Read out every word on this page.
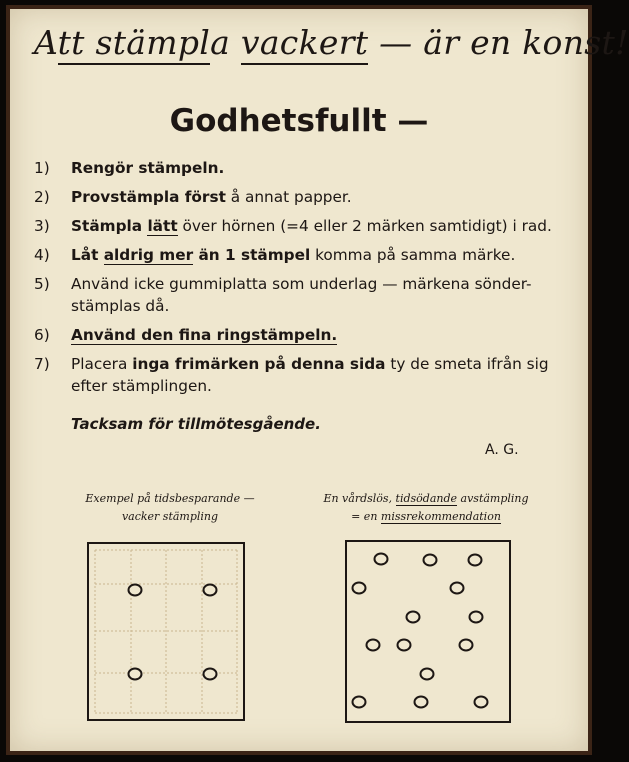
Att stämpla vackert — är en konst!
Godhetsfullt —
1) Rengör stämpeln.
2) Provstämpla först å annat papper.
3) Stämpla lätt över hörnen (=4 eller 2 märken samtidigt) i rad.
4) Låt aldrig mer än 1 stämpel komma på samma märke.
5) Använd icke gummiplatta som underlag — märkena sönder-stämplas då.
6) Använd den fina ringstämpeln.
7) Placera inga frimärken på denna sida ty de smeta ifrån sig efter stämplingen.
Tacksam för tillmötesgående.
A. G.
Exempel på tidsbesparande —
vacker stämpling
En vårdslös, tidsödande avstämpling
= en missrekommendation
